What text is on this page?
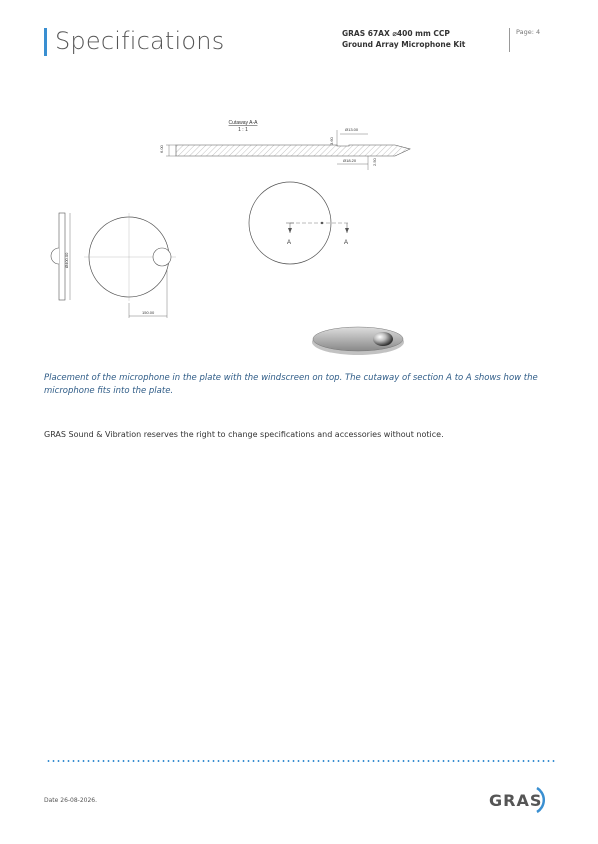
Specifications	GRAS 67AX ⌀400 mm CCP
Ground Array Microphone Kit
Page: 4
Cutaway A-A
1 : 1
6.00
3.60
Ø13.00
Ø18.20	2.50
Ø400.00
150.00
A	A
Placement of the microphone in the plate with the windscreen on top. The cutaway of section A to A shows how the microphone fits into the plate.
GRAS Sound & Vibration reserves the right to change specifications and accessories without notice.
Date 26-08-2026.	GRAS
